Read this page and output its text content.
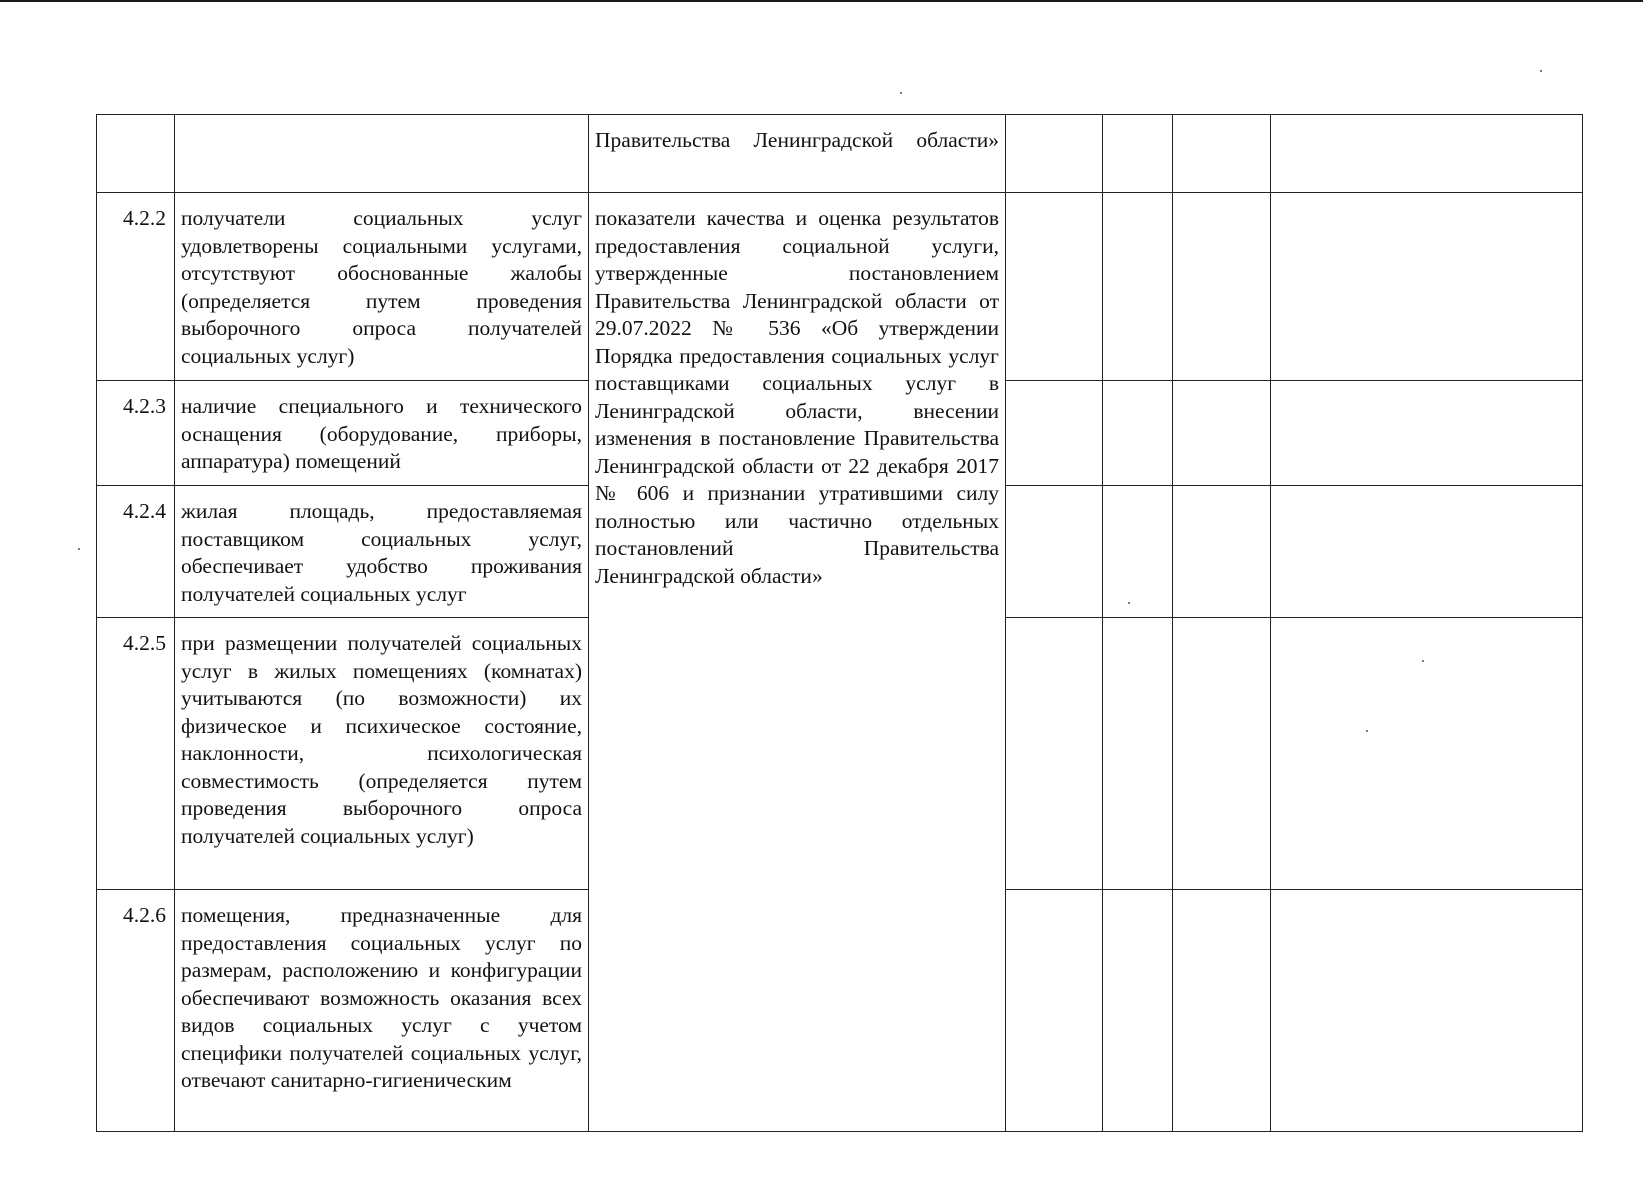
		Правительства Ленинградской области»				

4.2.2	получатели социальных услуг удовлетворены социальными услугами, отсутствуют обоснованные жалобы (определяется путем проведения выборочного опроса получателей социальных услуг)	показатели качества и оценка результатов предоставления социальной услуги, утвержденные постановлением Правительства Ленинградской области от 29.07.2022 № 536 «Об утверждении Порядка предоставления социальных услуг поставщиками социальных услуг в Ленинградской области, внесении изменения в постановление Правительства Ленинградской области от 22 декабря 2017 № 606 и признании утратившими силу полностью или частично отдельных постановлений Правительства Ленинградской области»				

4.2.3	наличие специального и технического оснащения (оборудование, приборы, аппаратура) помещений					
4.2.4	жилая площадь, предоставляемая поставщиком социальных услуг, обеспечивает удобство проживания получателей социальных услуг					
4.2.5	при размещении получателей социальных услуг в жилых помещениях (комнатах) учитываются (по возможности) их физическое и психическое состояние, наклонности, психологическая совместимость (определяется путем проведения выборочного опроса получателей социальных услуг)					
4.2.6	помещения, предназначенные для предоставления социальных услуг по размерам, расположению и конфигурации обеспечивают возможность оказания всех видов социальных услуг с учетом специфики получателей социальных услуг, отвечают санитарно-гигиеническим					
